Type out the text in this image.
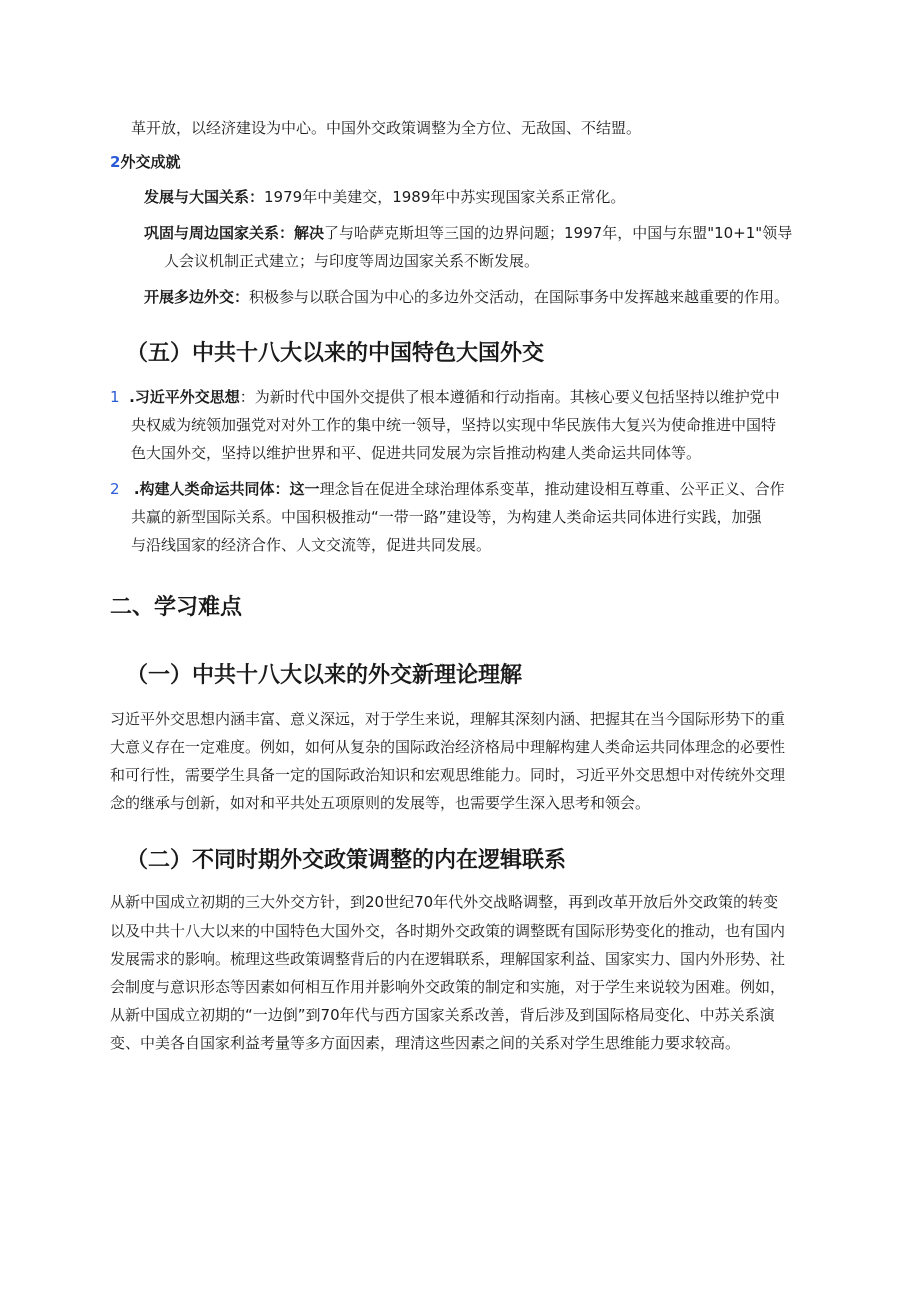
革开放，以经济建设为中心。中国外交政策调整为全方位、无敌国、不结盟。

2外交成就

发展与大国关系：1979年中美建交，1989年中苏实现国家关系正常化。

巩固与周边国家关系：解决了与哈萨克斯坦等三国的边界问题；1997年，中国与东盟"10+1"领导

人会议机制正式建立；与印度等周边国家关系不断发展。

开展多边外交：积极参与以联合国为中心的多边外交活动，在国际事务中发挥越来越重要的作用。

（五）中共十八大以来的中国特色大国外交

1 .习近平外交思想：为新时代中国外交提供了根本遵循和行动指南。其核心要义包括坚持以维护党中

央权威为统领加强党对对外工作的集中统一领导，坚持以实现中华民族伟大复兴为使命推进中国特

色大国外交，坚持以维护世界和平、促进共同发展为宗旨推动构建人类命运共同体等。

2 .构建人类命运共同体：这一理念旨在促进全球治理体系变革，推动建设相互尊重、公平正义、合作

共赢的新型国际关系。中国积极推动“一带一路”建设等，为构建人类命运共同体进行实践，加强

与沿线国家的经济合作、人文交流等，促进共同发展。

二、学习难点
（一）中共十八大以来的外交新理论理解

习近平外交思想内涵丰富、意义深远，对于学生来说，理解其深刻内涵、把握其在当今国际形势下的重

大意义存在一定难度。例如，如何从复杂的国际政治经济格局中理解构建人类命运共同体理念的必要性

和可行性，需要学生具备一定的国际政治知识和宏观思维能力。同时，习近平外交思想中对传统外交理

念的继承与创新，如对和平共处五项原则的发展等，也需要学生深入思考和领会。

（二）不同时期外交政策调整的内在逻辑联系

从新中国成立初期的三大外交方针，到20世纪70年代外交战略调整，再到改革开放后外交政策的转变

以及中共十八大以来的中国特色大国外交，各时期外交政策的调整既有国际形势变化的推动，也有国内

发展需求的影响。梳理这些政策调整背后的内在逻辑联系，理解国家利益、国家实力、国内外形势、社

会制度与意识形态等因素如何相互作用并影响外交政策的制定和实施，对于学生来说较为困难。例如，

从新中国成立初期的“一边倒”到70年代与西方国家关系改善，背后涉及到国际格局变化、中苏关系演

变、中美各自国家利益考量等多方面因素，理清这些因素之间的关系对学生思维能力要求较高。
